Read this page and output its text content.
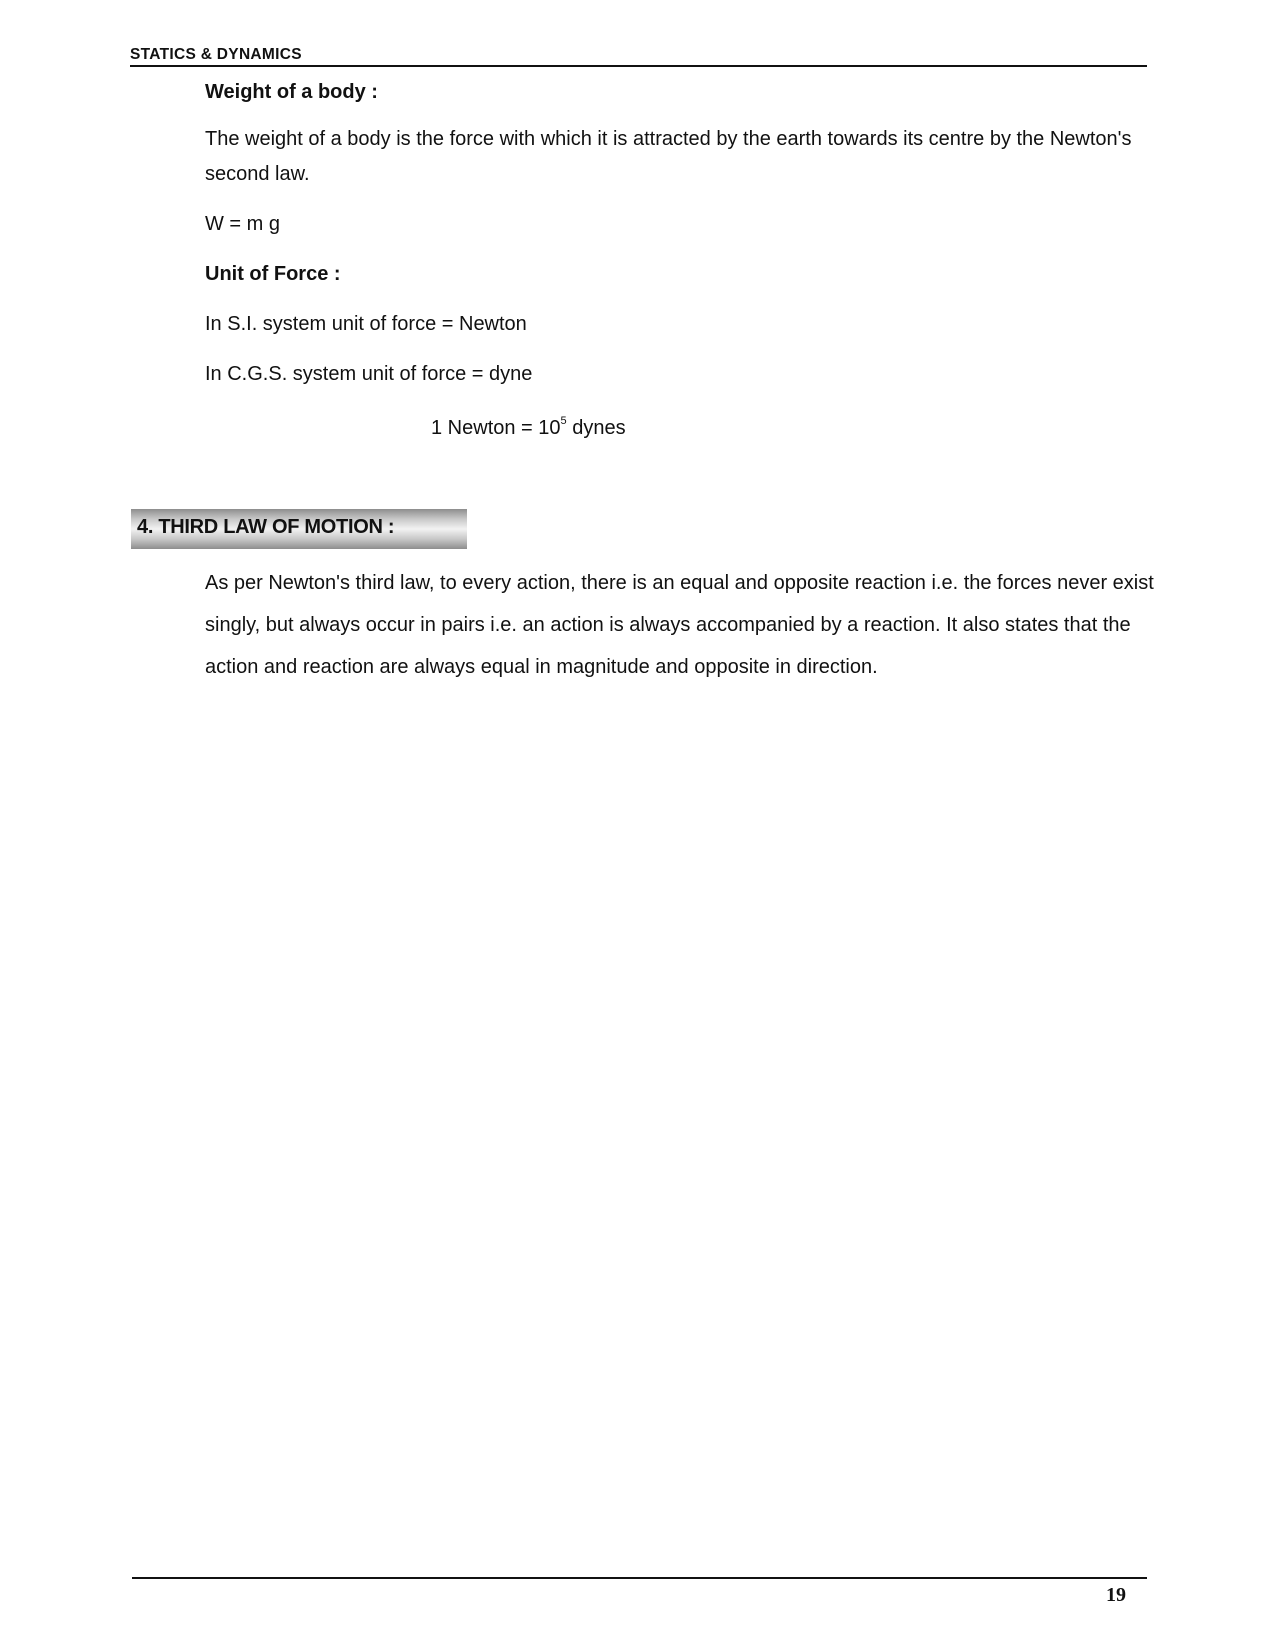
STATICS & DYNAMICS
Weight of a body :
The weight of a body is the force with which it is attracted by the earth towards its centre by the Newton's
second law.
W = m g
Unit of Force :
In S.I. system unit of force = Newton
In C.G.S. system unit of force = dyne
1 Newton = $10^5$ dynes
4. THIRD LAW OF MOTION :
As per Newton's third law, to every action, there is an equal and opposite reaction i.e. the forces never exist
singly, but always occur in pairs i.e. an action is always accompanied by a reaction. It also states that the
action and reaction are always equal in magnitude and opposite in direction.
19
